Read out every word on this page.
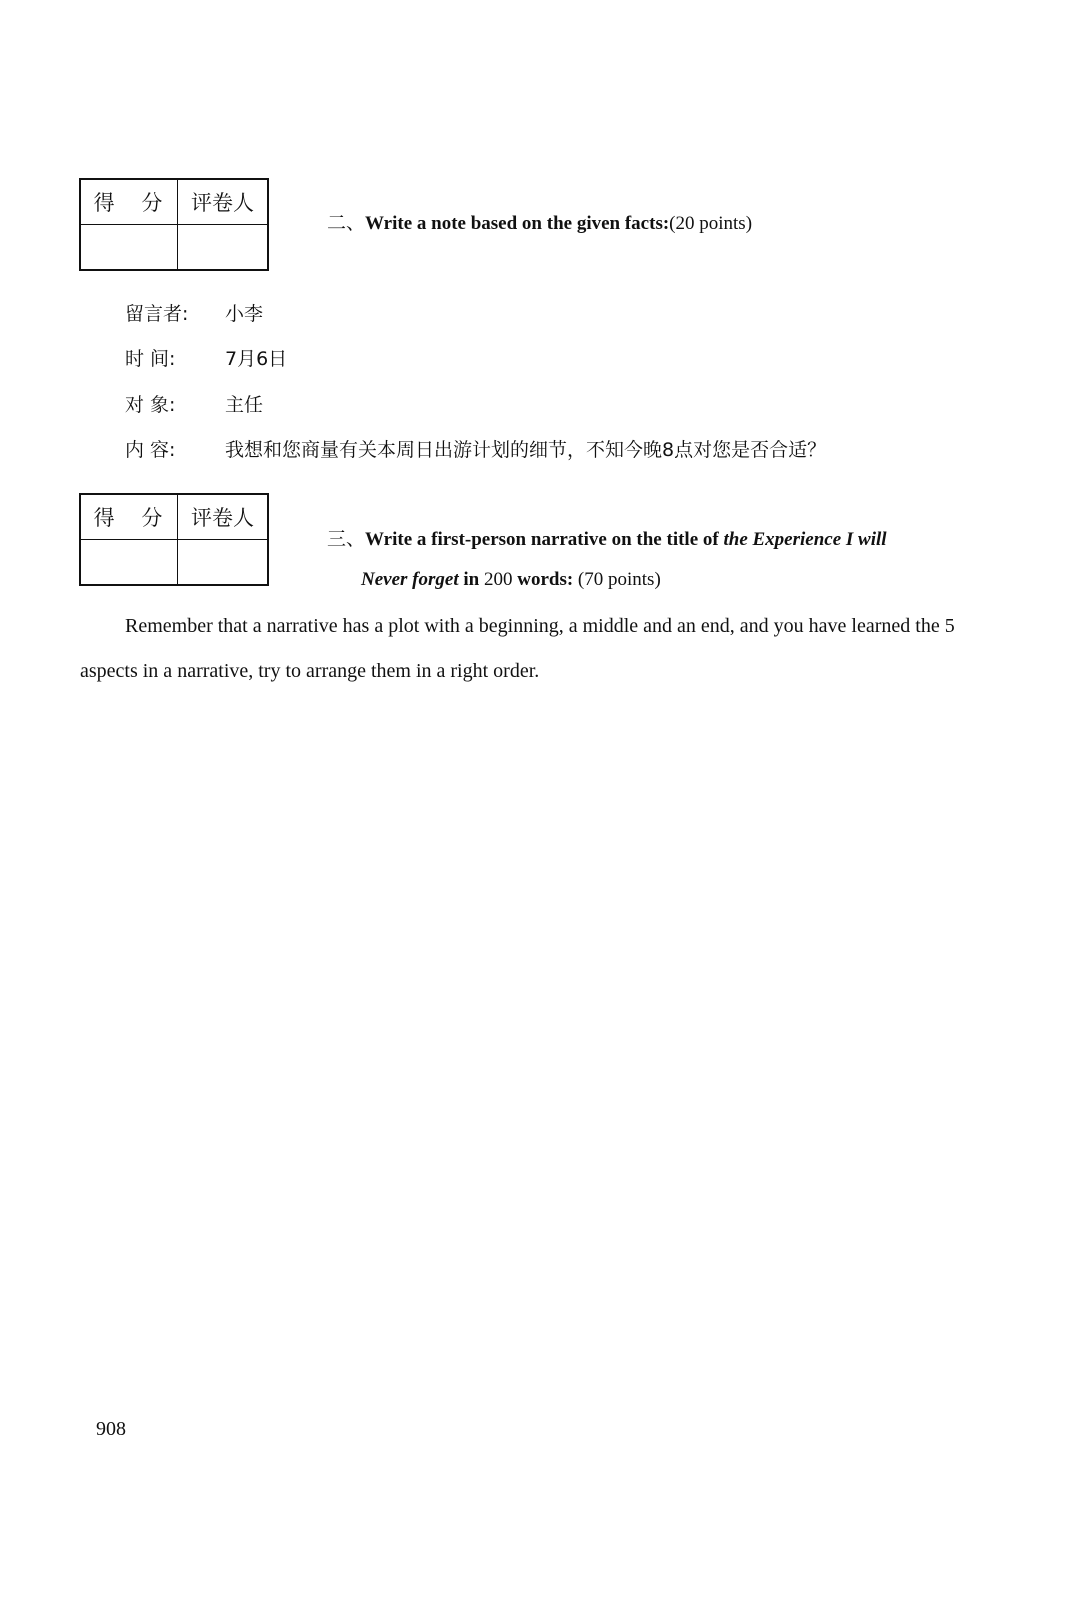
得 分	评卷人

二、Write a note based on the given facts:(20 points)
留言者: 小李
时 间:	7月6日
对 象:	主任
内 容:	我想和您商量有关本周日出游计划的细节，不知今晚8点对您是否合适？
得 分	评卷人

三、Write a first-person narrative on the title of the Experience I will
Never forget in 200 words: (70 points)
Remember that a narrative has a plot with a beginning, a middle and an end, and you have learned the 5 aspects in a narrative, try to arrange them in a right order.
908
